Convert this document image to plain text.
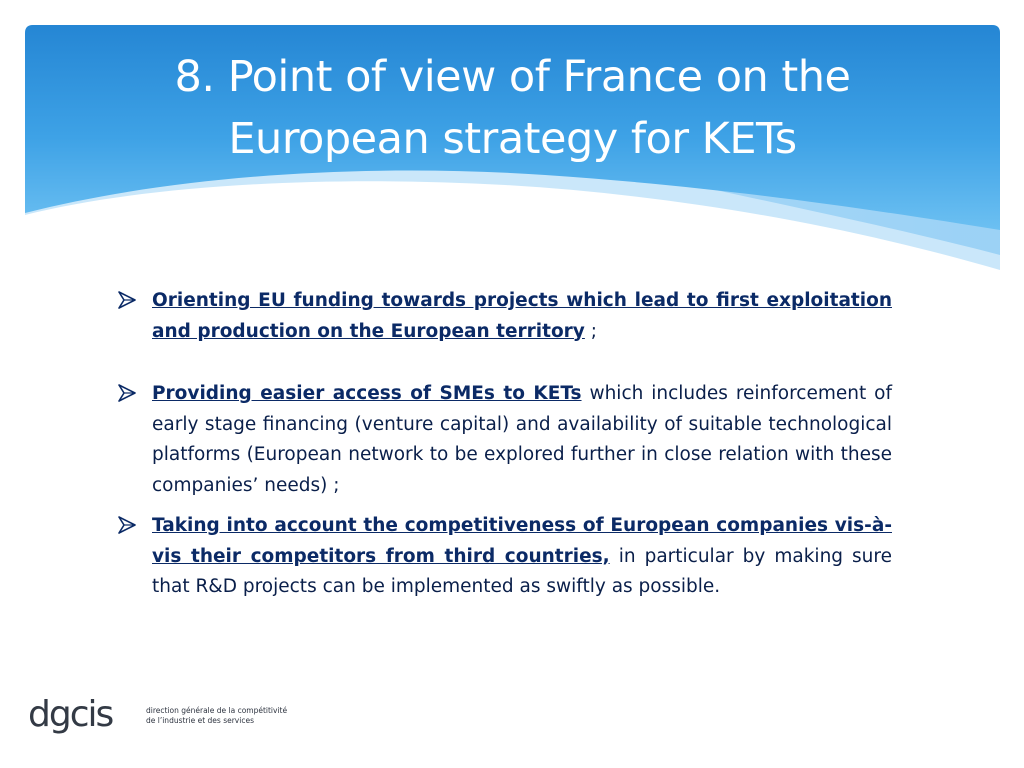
8. Point of view of France on the
European strategy for KETs
Orienting EU funding towards projects which lead to first exploitation and production on the European territory ;
Providing easier access of SMEs to KETs which includes reinforcement of early stage financing (venture capital) and availability of suitable technological platforms (European network to be explored further in close relation with these companies’ needs) ;
Taking into account the competitiveness of European companies vis-à-vis their competitors from third countries, in particular by making sure that R&D projects can be implemented as swiftly as possible.
dgcis	direction générale de la compétitivité
de l’industrie et des services
